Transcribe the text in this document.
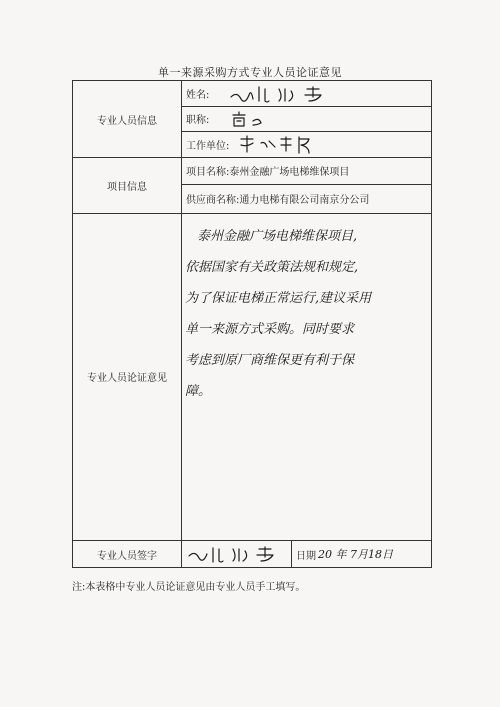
单一来源采购方式专业人员论证意见
专业人员信息
姓名:
职称:
工作单位:
项目信息
项目名称: 泰州金融广场电梯维保项目
供应商名称: 通力电梯有限公司南京分公司
专业人员论证意见
泰州金融广场电梯维保项目,
依据国家有关政策法规和规定,
为了保证电梯正常运行,建议采用
单一来源方式采购。同时要求
考虑到原厂商维保更有利于保
障。
专业人员签字	日期 20 年 7月18日
注:本表格中专业人员论证意见由专业人员手工填写。
